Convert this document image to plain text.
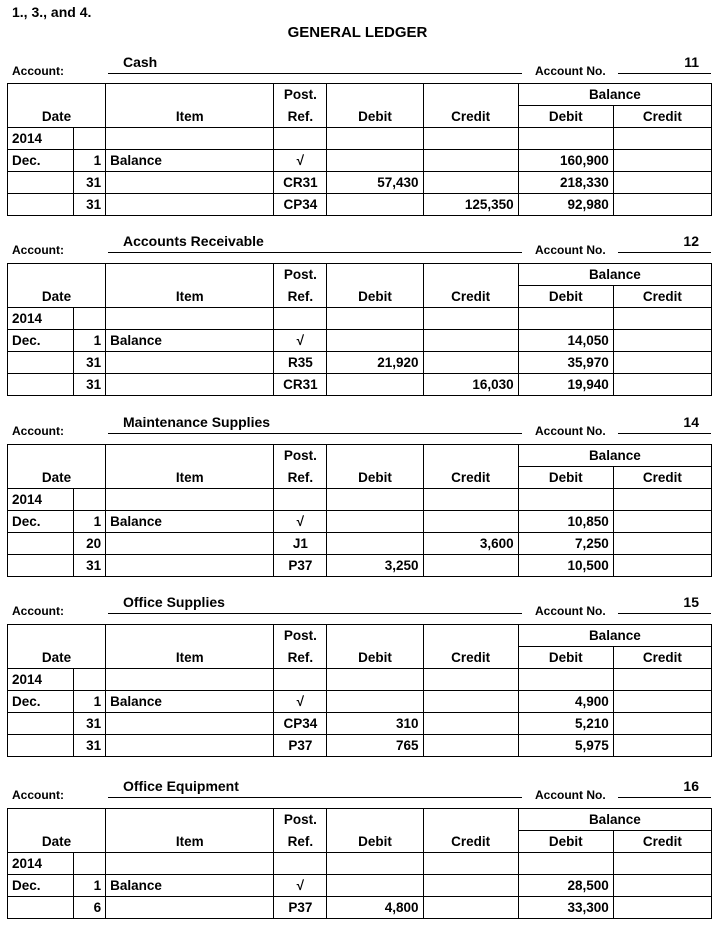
1., 3., and 4.
GENERAL LEDGER
Account:
Cash
Account No.
11
			Post.			Balance	
Date		Item	Ref.	Debit	Credit	Debit	Credit
2014							
Dec.	1	Balance	√			160,900	
	31		CR31	57,430		218,330	
	31		CP34		125,350	92,980	
Account:
Accounts Receivable
Account No.
12
			Post.			Balance	
Date		Item	Ref.	Debit	Credit	Debit	Credit
2014							
Dec.	1	Balance	√			14,050	
	31		R35	21,920		35,970	
	31		CR31		16,030	19,940	
Account:
Maintenance Supplies
Account No.
14
			Post.			Balance	
Date		Item	Ref.	Debit	Credit	Debit	Credit
2014							
Dec.	1	Balance	√			10,850	
	20		J1		3,600	7,250	
	31		P37	3,250		10,500	
Account:
Office Supplies
Account No.
15
			Post.			Balance	
Date		Item	Ref.	Debit	Credit	Debit	Credit
2014							
Dec.	1	Balance	√			4,900	
	31		CP34	310		5,210	
	31		P37	765		5,975	
Account:
Office Equipment
Account No.
16
			Post.			Balance	
Date		Item	Ref.	Debit	Credit	Debit	Credit
2014							
Dec.	1	Balance	√			28,500	
	6		P37	4,800		33,300	
